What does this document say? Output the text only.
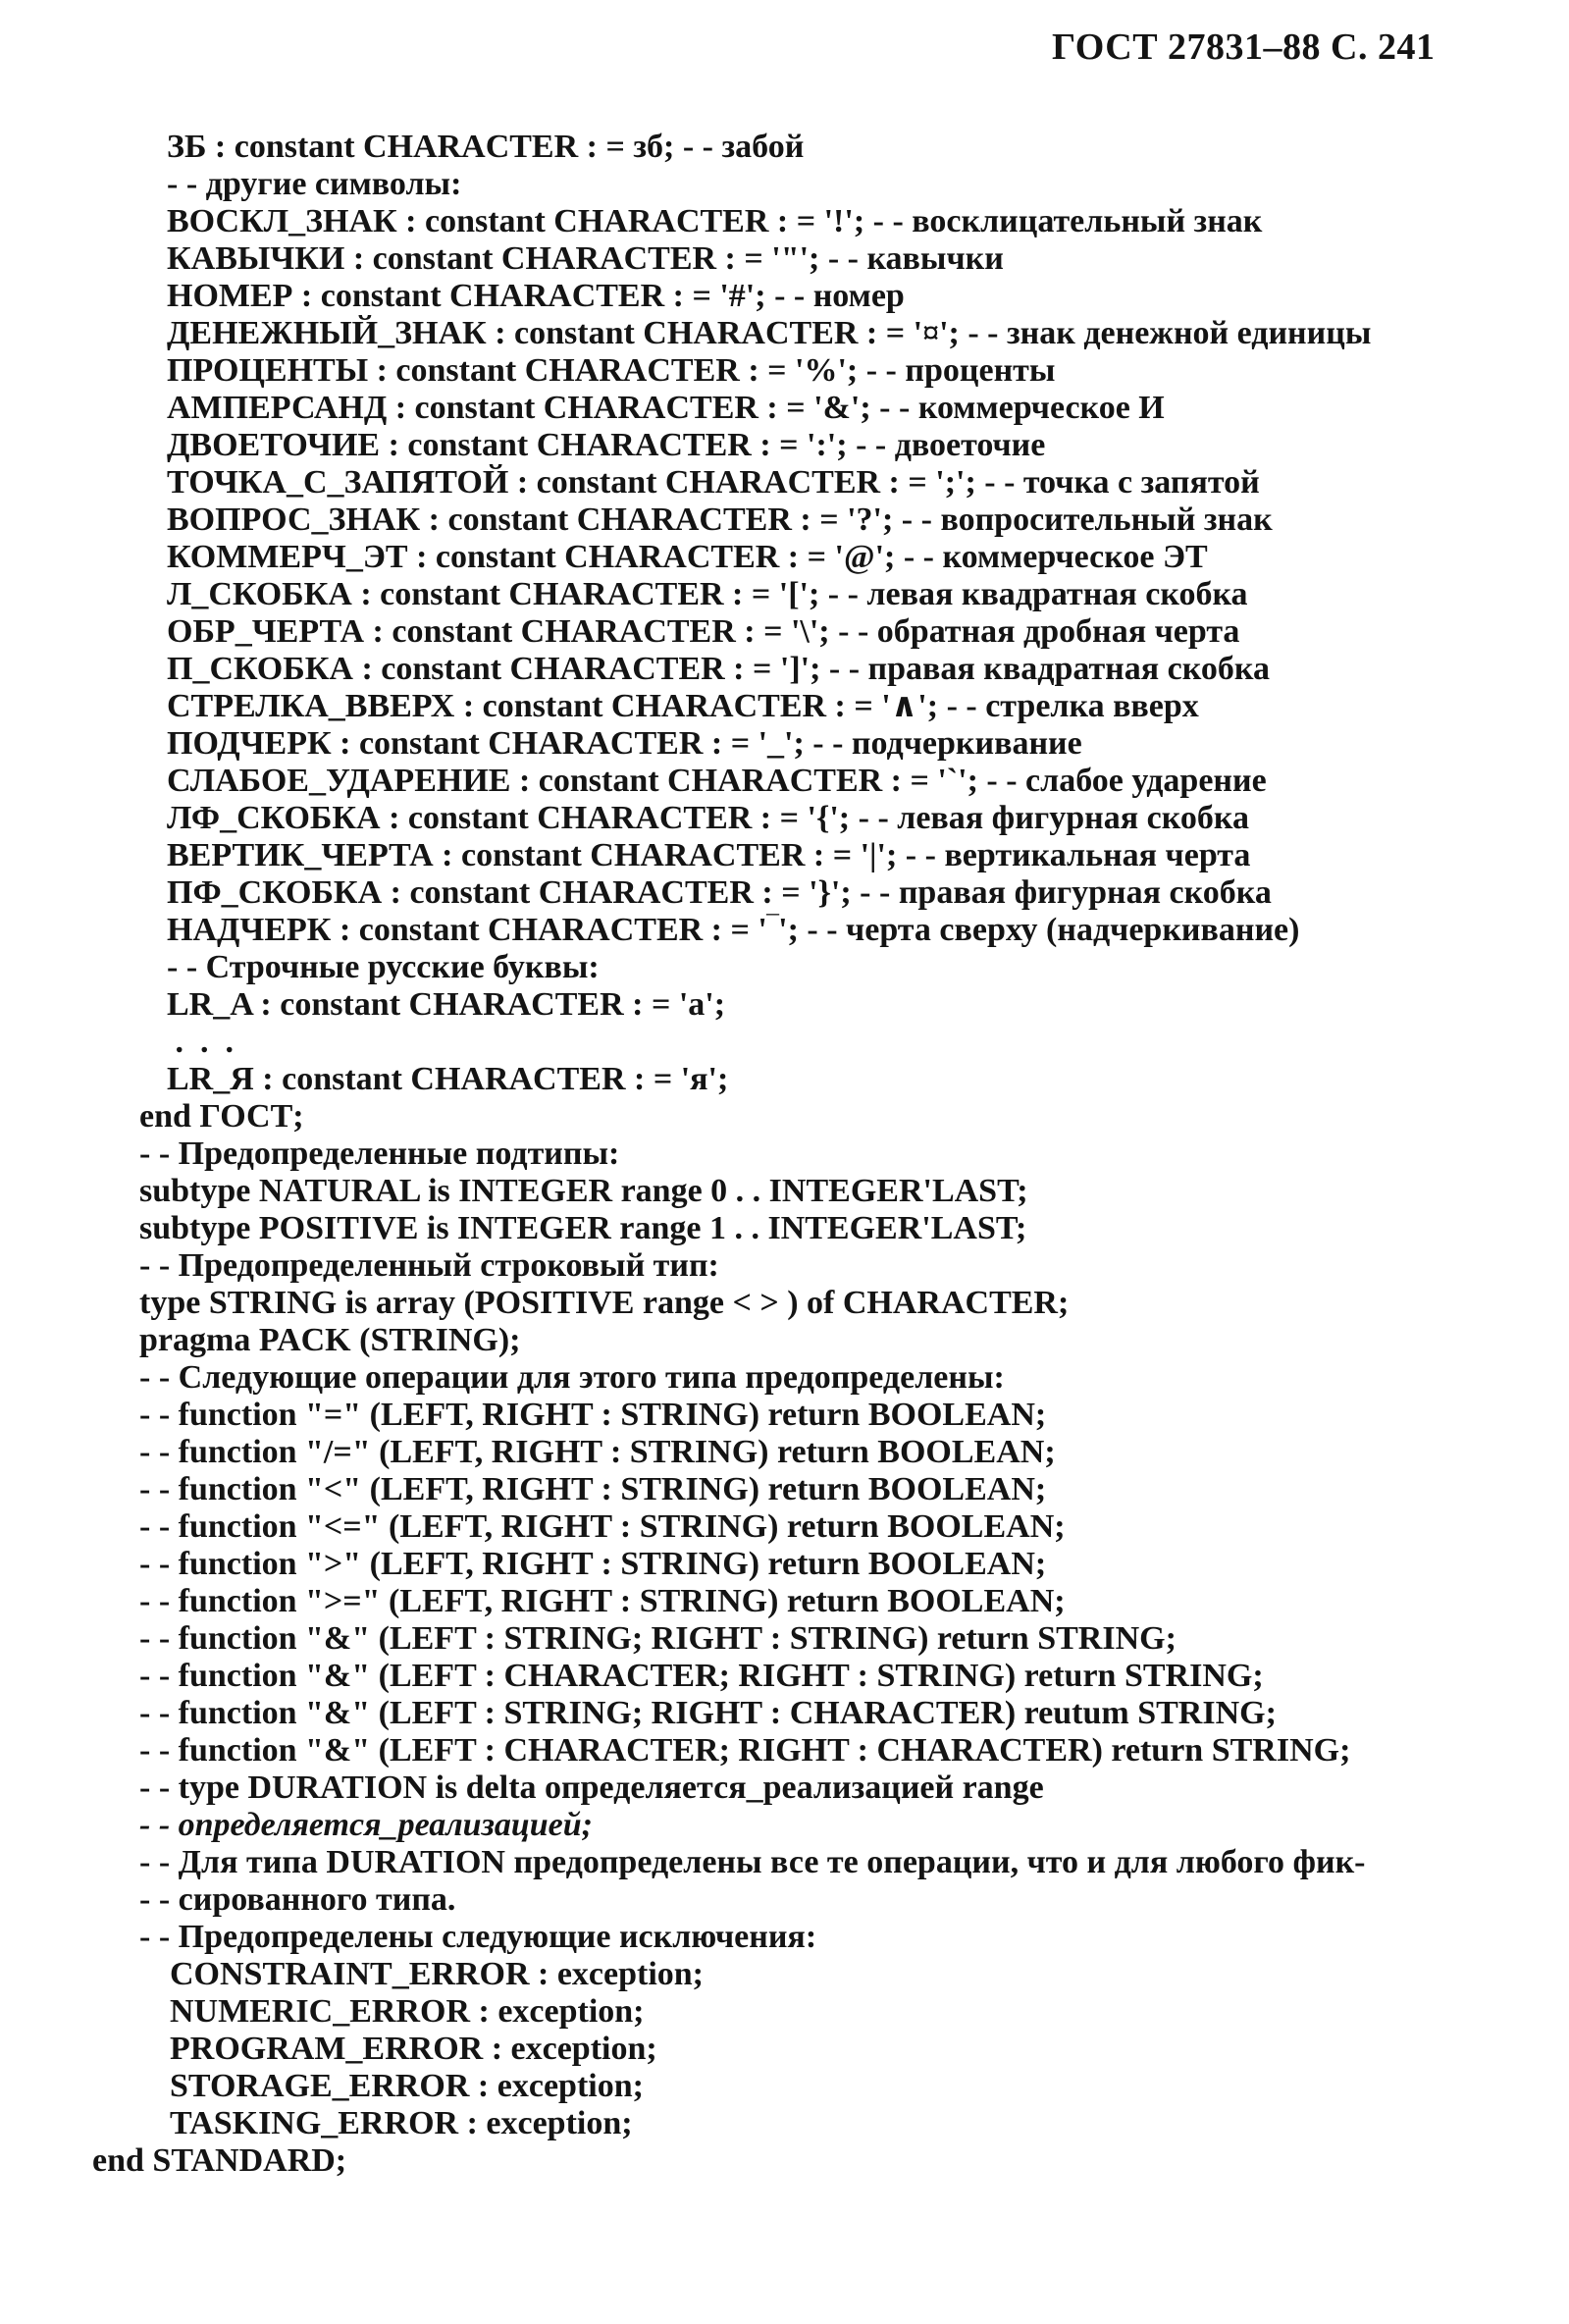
ГОСТ 27831–88 С. 241
ЗБ : constant CHARACTER : = зб; - - забой
- - другие символы:
ВОСКЛ_ЗНАК : constant CHARACTER : = '!'; - - восклицательный знак
КАВЫЧКИ : constant CHARACTER : = '"'; - - кавычки
НОМЕР : constant CHARACTER : = '#'; - - номер
ДЕНЕЖНЫЙ_ЗНАК : constant CHARACTER : = '¤'; - - знак денежной единицы
ПРОЦЕНТЫ : constant CHARACTER : = '%'; - - проценты
АМПЕРСАНД : constant CHARACTER : = '&'; - - коммерческое И
ДВОЕТОЧИЕ : constant CHARACTER : = ':'; - - двоеточие
ТОЧКА_С_ЗАПЯТОЙ : constant CHARACTER : = ';'; - - точка с запятой
ВОПРОС_ЗНАК : constant CHARACTER : = '?'; - - вопросительный знак
КОММЕРЧ_ЭТ : constant CHARACTER : = '@'; - - коммерческое ЭТ
Л_СКОБКА : constant CHARACTER : = '['; - - левая квадратная скобка
ОБР_ЧЕРТА : constant CHARACTER : = '\'; - - обратная дробная черта
П_СКОБКА : constant CHARACTER : = ']'; - - правая квадратная скобка
СТРЕЛКА_ВВЕРХ : constant CHARACTER : = '∧'; - - стрелка вверх
ПОДЧЕРК : constant CHARACTER : = '_'; - - подчеркивание
СЛАБОЕ_УДАРЕНИЕ : constant CHARACTER : = '`'; - - слабое ударение
ЛФ_СКОБКА : constant CHARACTER : = '{'; - - левая фигурная скобка
ВЕРТИК_ЧЕРТА : constant CHARACTER : = '|'; - - вертикальная черта
ПФ_СКОБКА : constant CHARACTER : = '}'; - - правая фигурная скобка
НАДЧЕРК : constant CHARACTER : = '‾'; - - черта сверху (надчеркивание)
- - Строчные русские буквы:
LR_A : constant CHARACTER : = 'a';
.  .  .
LR_Я : constant CHARACTER : = 'я';
end ГОСТ;
- - Предопределенные подтипы:
subtype NATURAL is INTEGER range 0 . . INTEGER'LAST;
subtype POSITIVE is INTEGER range 1 . . INTEGER'LAST;
- - Предопределенный строковый тип:
type STRING is array (POSITIVE range < > ) of CHARACTER;
pragma PACK (STRING);
- - Следующие операции для этого типа предопределены:
- - function "=" (LEFT, RIGHT : STRING) return BOOLEAN;
- - function "/=" (LEFT, RIGHT : STRING) return BOOLEAN;
- - function "<" (LEFT, RIGHT : STRING) return BOOLEAN;
- - function "<=" (LEFT, RIGHT : STRING) return BOOLEAN;
- - function ">" (LEFT, RIGHT : STRING) return BOOLEAN;
- - function ">=" (LEFT, RIGHT : STRING) return BOOLEAN;
- - function "&" (LEFT : STRING; RIGHT : STRING) return STRING;
- - function "&" (LEFT : CHARACTER; RIGHT : STRING) return STRING;
- - function "&" (LEFT : STRING; RIGHT : CHARACTER) reutum STRING;
- - function "&" (LEFT : CHARACTER; RIGHT : CHARACTER) return STRING;
- - type DURATION is delta определяется_реализацией range
- - определяется_реализацией;
- - Для типа DURATION предопределены все те операции, что и для любого фик-
- - сированного типа.
- - Предопределены следующие исключения:
CONSTRAINT_ERROR : exception;
NUMERIC_ERROR : exception;
PROGRAM_ERROR : exception;
STORAGE_ERROR : exception;
TASKING_ERROR : exception;
end STANDARD;
